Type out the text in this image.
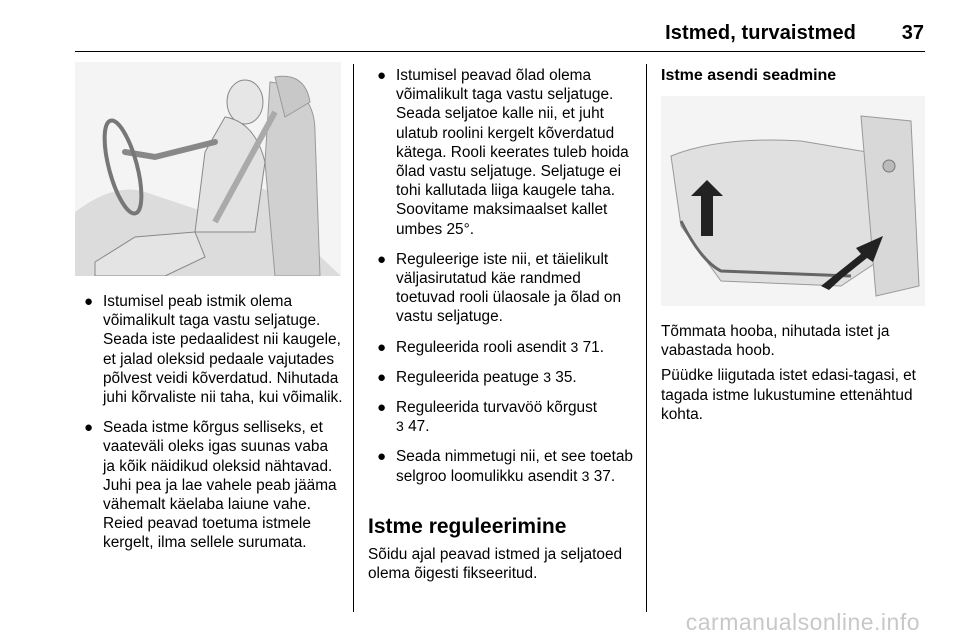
Istmed, turvaistmed 37
● Istumisel peab istmik olema võimalikult taga vastu seljatuge. Seada iste pedaalidest nii kaugele, et jalad oleksid pedaale vajutades põlvest veidi kõverdatud. Nihutada juhi kõrvaliste nii taha, kui võimalik.
● Seada istme kõrgus selliseks, et vaateväli oleks igas suunas vaba ja kõik näidikud oleksid nähtavad. Juhi pea ja lae vahele peab jääma vähemalt käelaba laiune vahe. Reied peavad toetuma istmele kergelt, ilma sellele surumata.
● Istumisel peavad õlad olema võimalikult taga vastu seljatuge. Seada seljatoe kalle nii, et juht ulatub roolini kergelt kõverdatud kätega. Rooli keerates tuleb hoida õlad vastu seljatuge. Seljatuge ei tohi kallutada liiga kaugele taha. Soovitame maksimaalset kallet umbes 25°.
● Reguleerige iste nii, et täielikult väljasirutatud käe randmed toetuvad rooli ülaosale ja õlad on vastu seljatuge.
● Reguleerida rooli asendit 3 71.
● Reguleerida peatuge 3 35.
● Reguleerida turvavöö kõrgust
3 47.
● Seada nimmetugi nii, et see toetab selgroo loomulikku asendit 3 37.
Istme reguleerimine

Sõidu ajal peavad istmed ja seljatoed olema õigesti fikseeritud.

Istme asendi seadmine

Tõmmata hooba, nihutada istet ja vabastada hoob.

Püüdke liigutada istet edasi-tagasi, et tagada istme lukustumine ettenähtud kohta.

carmanualsonline.info
